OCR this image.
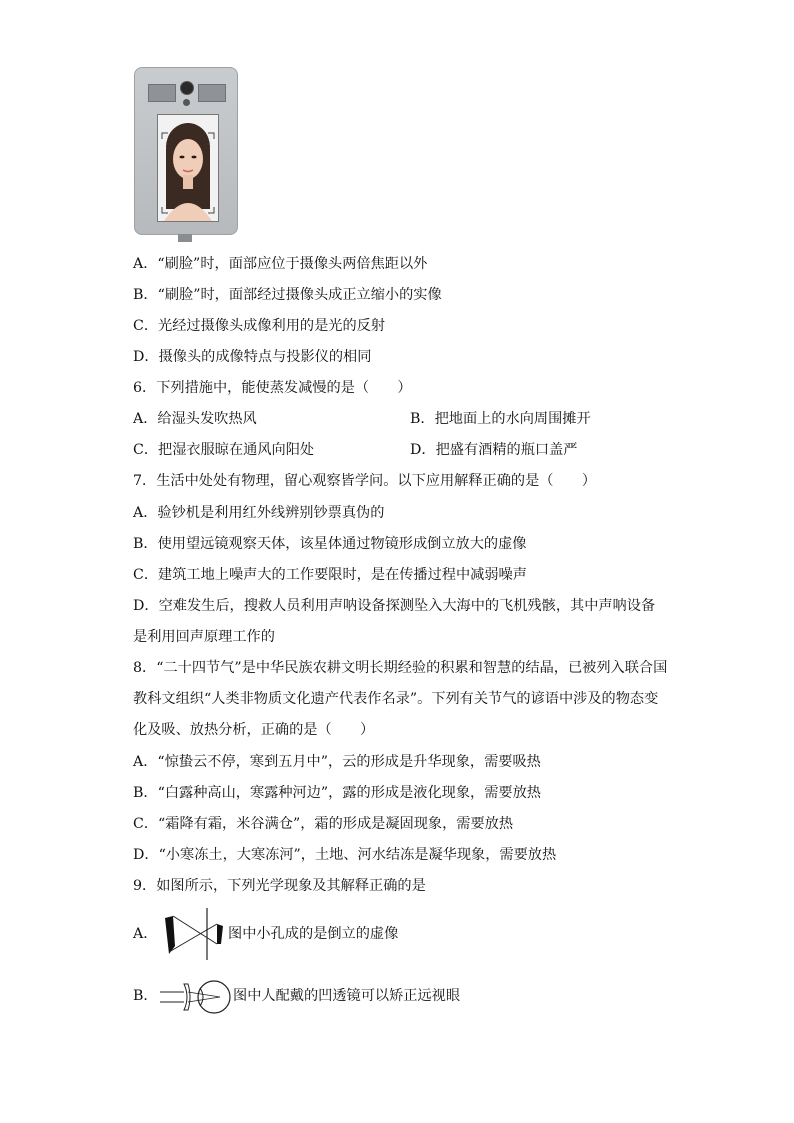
A．“刷脸”时，面部应位于摄像头两倍焦距以外
B．“刷脸”时，面部经过摄像头成正立缩小的实像
C．光经过摄像头成像利用的是光的反射
D．摄像头的成像特点与投影仪的相同
6．下列措施中，能使蒸发减慢的是（　　）
A．给湿头发吹热风	B．把地面上的水向周围摊开
C．把湿衣服晾在通风向阳处	D．把盛有酒精的瓶口盖严
7．生活中处处有物理，留心观察皆学问。以下应用解释正确的是（　　）
A．验钞机是利用红外线辨别钞票真伪的
B．使用望远镜观察天体，该星体通过物镜形成倒立放大的虚像
C．建筑工地上噪声大的工作要限时，是在传播过程中减弱噪声
D．空难发生后，搜救人员利用声呐设备探测坠入大海中的飞机残骸，其中声呐设备
是利用回声原理工作的
8．“二十四节气”是中华民族农耕文明长期经验的积累和智慧的结晶，已被列入联合国
教科文组织“人类非物质文化遗产代表作名录”。下列有关节气的谚语中涉及的物态变
化及吸、放热分析，正确的是（　　）
A．“惊蛰云不停，寒到五月中”，云的形成是升华现象，需要吸热
B．“白露种高山，寒露种河边”，露的形成是液化现象，需要放热
C．“霜降有霜，米谷满仓”，霜的形成是凝固现象，需要放热
D．“小寒冻土，大寒冻河”，土地、河水结冻是凝华现象，需要放热
9．如图所示，下列光学现象及其解释正确的是
A．	图中小孔成的是倒立的虚像
B．	图中人配戴的凹透镜可以矫正远视眼
